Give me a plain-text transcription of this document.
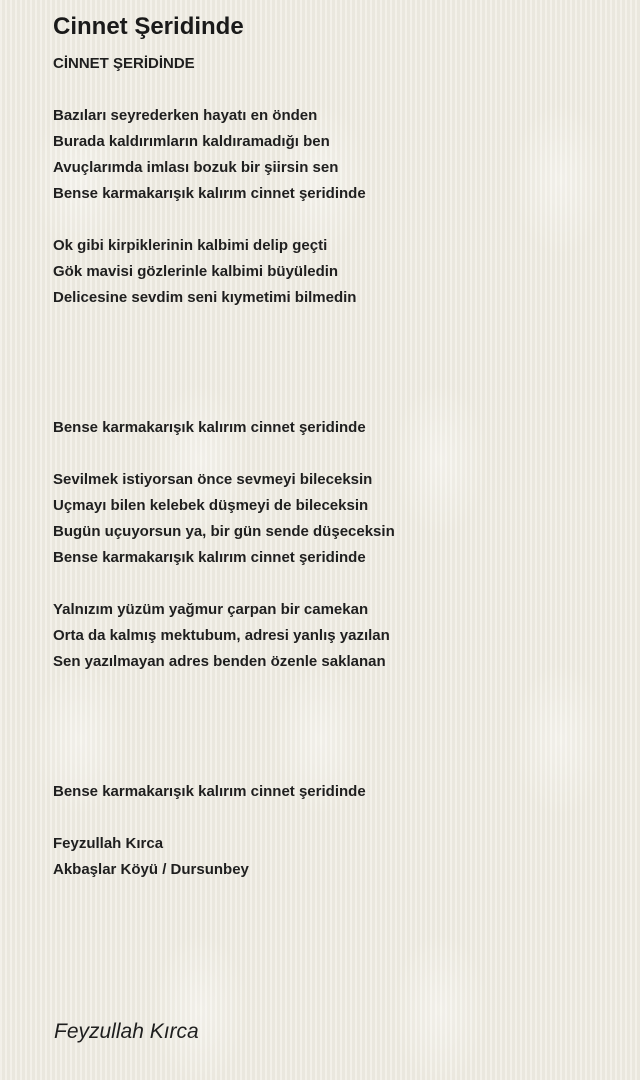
Cinnet Şeridinde
CİNNET ŞERİDİNDE
Bazıları seyrederken hayatı en önden
Burada kaldırımların kaldıramadığı ben
Avuçlarımda imlası bozuk bir şiirsin sen
Bense karmakarışık kalırım cinnet şeridinde
Ok gibi kirpiklerinin kalbimi delip geçti
Gök mavisi gözlerinle kalbimi büyüledin
Delicesine sevdim seni kıymetimi bilmedin
Bense karmakarışık kalırım cinnet şeridinde
Sevilmek istiyorsan önce sevmeyi bileceksin
Uçmayı bilen kelebek düşmeyi de bileceksin
Bugün uçuyorsun ya, bir gün sende düşeceksin
Bense karmakarışık kalırım cinnet şeridinde
Yalnızım yüzüm yağmur çarpan bir camekan
Orta da kalmış mektubum, adresi yanlış yazılan
Sen yazılmayan adres benden özenle saklanan
Bense karmakarışık kalırım cinnet şeridinde
Feyzullah Kırca
Akbaşlar Köyü / Dursunbey
Feyzullah Kırca
